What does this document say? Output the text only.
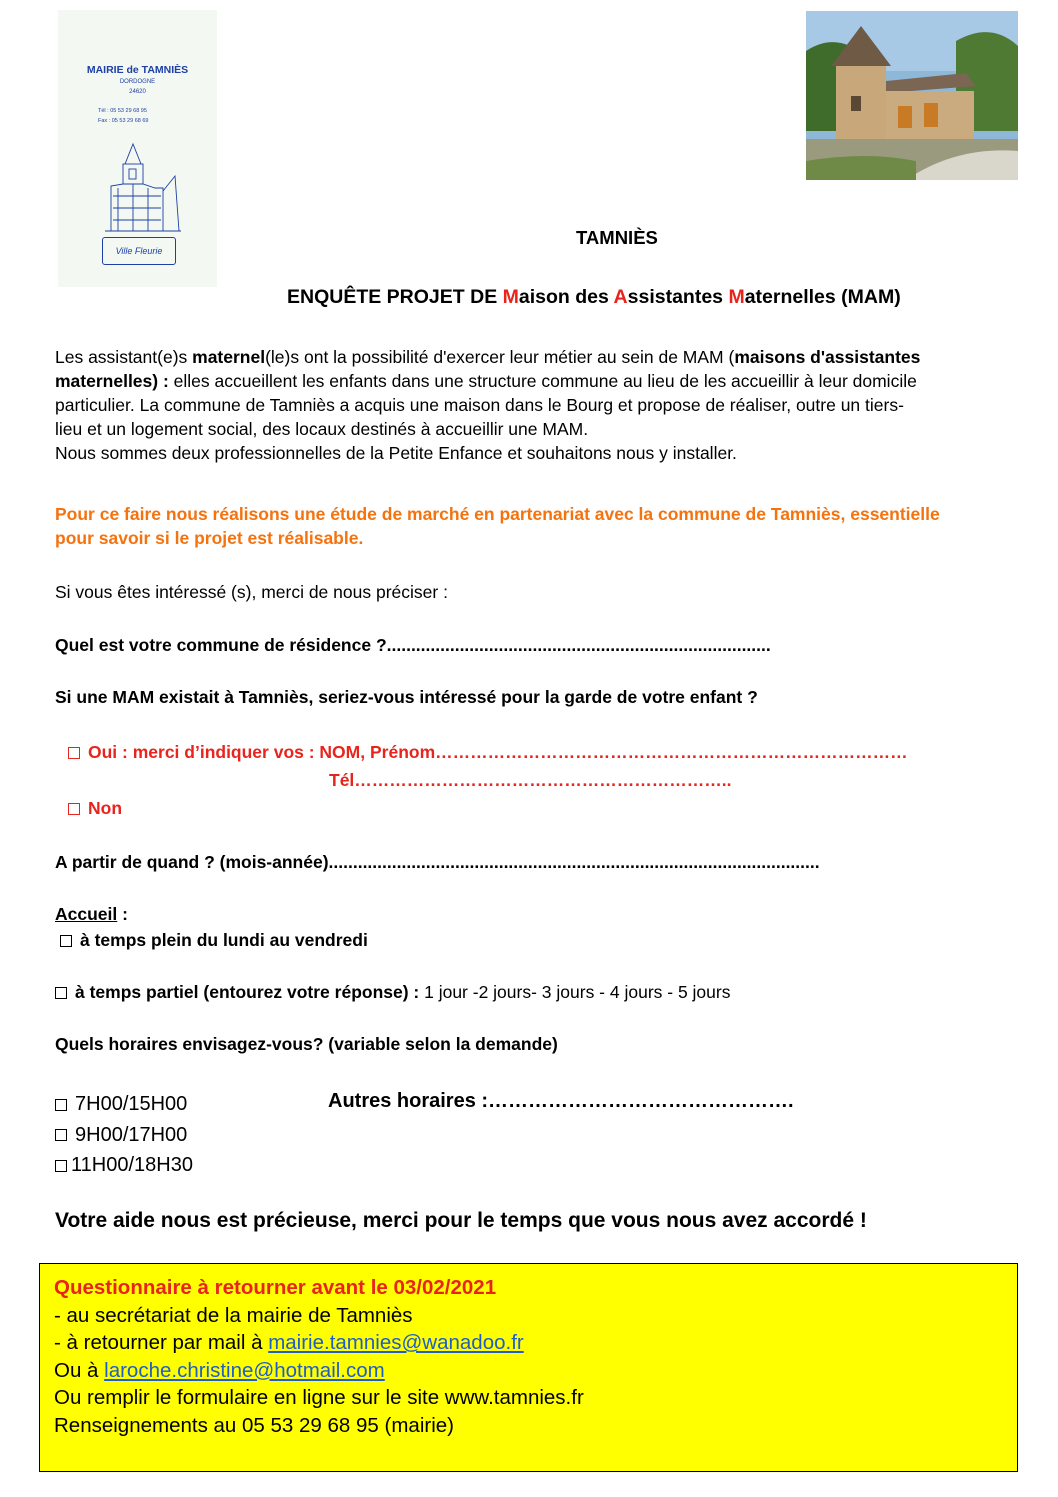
MAIRIE de TAMNIÈS
DORDOGNE
24620
Tél : 05 53 29 68 95
Fax : 05 53 29 68 69
Ville Fleurie
TAMNIÈS
ENQUÊTE PROJET DE Maison des Assistantes Maternelles (MAM)
Les assistant(e)s maternel(le)s ont la possibilité d'exercer leur métier au sein de MAM (maisons d'assistantes
maternelles) : elles accueillent les enfants dans une structure commune au lieu de les accueillir à leur domicile
particulier. La commune de Tamniès a acquis une maison dans le Bourg et propose de réaliser, outre un tiers-
lieu et un logement social, des locaux destinés à accueillir une MAM.
Nous sommes deux professionnelles de la Petite Enfance et souhaitons nous y installer.
Pour ce faire nous réalisons une étude de marché en partenariat avec la commune de Tamniès, essentielle
pour savoir si le projet est réalisable.
Si vous êtes intéressé (s), merci de nous préciser :
Quel est votre commune de résidence ?...............................................................................
Si une MAM existait à Tamniès, seriez-vous intéressé pour la garde de votre enfant ?
Oui : merci d’indiquer vos : NOM, Prénom………………………………………………………………………
Tél………………………………………………………..
Non
A partir de quand ? (mois-année).....................................................................................................
Accueil :
à temps plein du lundi au vendredi
à temps partiel (entourez votre réponse) : 1 jour -2 jours- 3 jours - 4 jours - 5 jours
Quels horaires envisagez-vous? (variable selon la demande)
7H00/15H00
9H00/17H00
11H00/18H30
Autres horaires :……………………………………….
Votre aide nous est précieuse, merci pour le temps que vous nous avez accordé !
Questionnaire à retourner avant le 03/02/2021
- au secrétariat de la mairie de Tamniès
- à retourner par mail à mairie.tamnies@wanadoo.fr
Ou à laroche.christine@hotmail.com
Ou remplir le formulaire en ligne sur le site www.tamnies.fr
Renseignements au 05 53 29 68 95 (mairie)
